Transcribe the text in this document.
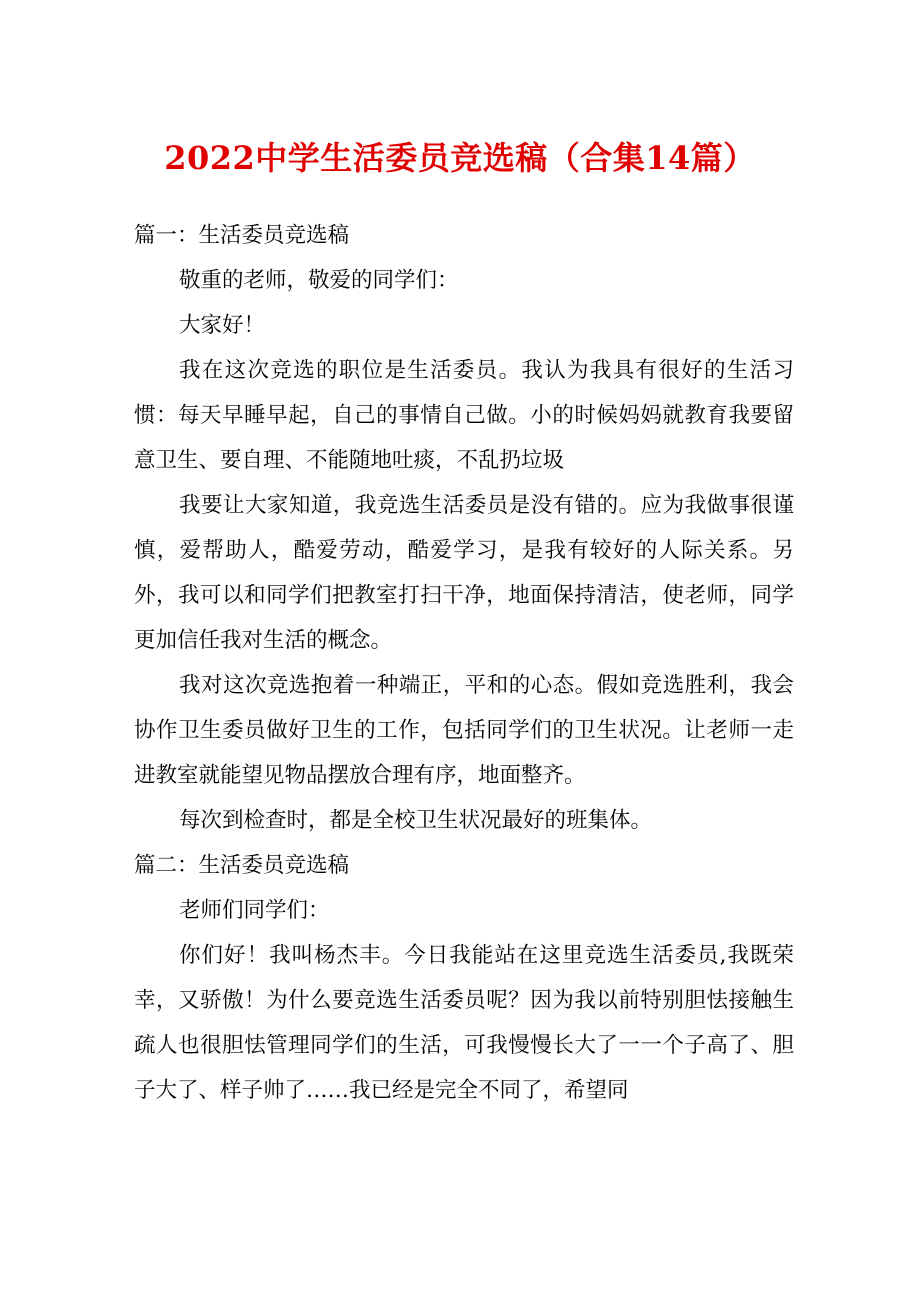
2022中学生活委员竞选稿（合集14篇）

篇一：生活委员竞选稿

敬重的老师，敬爱的同学们：

大家好！

我在这次竞选的职位是生活委员。我认为我具有很好的生活习惯：每天早睡早起，自己的事情自己做。小的时候妈妈就教育我要留意卫生、要自理、不能随地吐痰，不乱扔垃圾

我要让大家知道，我竞选生活委员是没有错的。应为我做事很谨慎，爱帮助人，酷爱劳动，酷爱学习，是我有较好的人际关系。另外，我可以和同学们把教室打扫干净，地面保持清洁，使老师，同学更加信任我对生活的概念。

我对这次竞选抱着一种端正，平和的心态。假如竞选胜利，我会协作卫生委员做好卫生的工作，包括同学们的卫生状况。让老师一走进教室就能望见物品摆放合理有序，地面整齐。

每次到检查时，都是全校卫生状况最好的班集体。

篇二：生活委员竞选稿

老师们同学们：

你们好！我叫杨杰丰。今日我能站在这里竞选生活委员,我既荣幸，又骄傲！为什么要竞选生活委员呢？因为我以前特别胆怯接触生疏人也很胆怯管理同学们的生活，可我慢慢长大了一一个子高了、胆子大了、样子帅了……我已经是完全不同了，希望同
